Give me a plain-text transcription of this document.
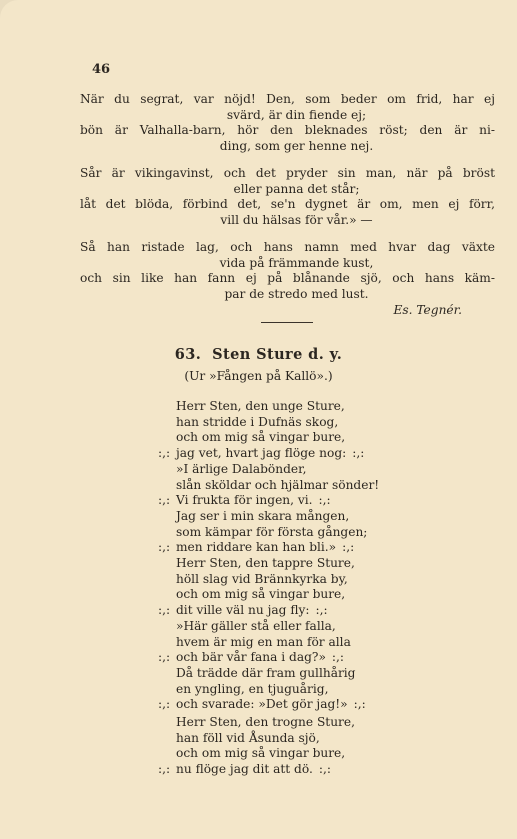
46
När du segrat, var nöjd! Den, som beder om frid, har ej
svärd, är din fiende ej;
bön är Valhalla-barn, hör den bleknades röst; den är ni-
ding, som ger henne nej.
Sår är vikingavinst, och det pryder sin man, när på bröst
eller panna det står;
låt det blöda, förbind det, se'n dygnet är om, men ej förr,
vill du hälsas för vår.» —
Så han ristade lag, och hans namn med hvar dag växte
vida på främmande kust,
och sin like han fann ej på blånande sjö, och hans käm-
par de stredo med lust.
Es. Tegnér.
63. Sten Sture d. y.
(Ur »Fången på Kallö».)
Herr Sten, den unge Sture,
han stridde i Dufnäs skog,
och om mig så vingar bure,
:,: jag vet, hvart jag flöge nog: :,:
»I ärlige Dalabönder,
slån sköldar och hjälmar sönder!
:,: Vi frukta för ingen, vi. :,:
Jag ser i min skara mången,
som kämpar för första gången;
:,: men riddare kan han bli.» :,:
Herr Sten, den tappre Sture,
höll slag vid Brännkyrka by,
och om mig så vingar bure,
:,: dit ville väl nu jag fly: :,:
»Här gäller stå eller falla,
hvem är mig en man för alla
:,: och bär vår fana i dag?» :,:
Då trädde där fram gullhårig
en yngling, en tjuguårig,
:,: och svarade: »Det gör jag!» :,:
Herr Sten, den trogne Sture,
han föll vid Åsunda sjö,
och om mig så vingar bure,
:,: nu flöge jag dit att dö. :,:
